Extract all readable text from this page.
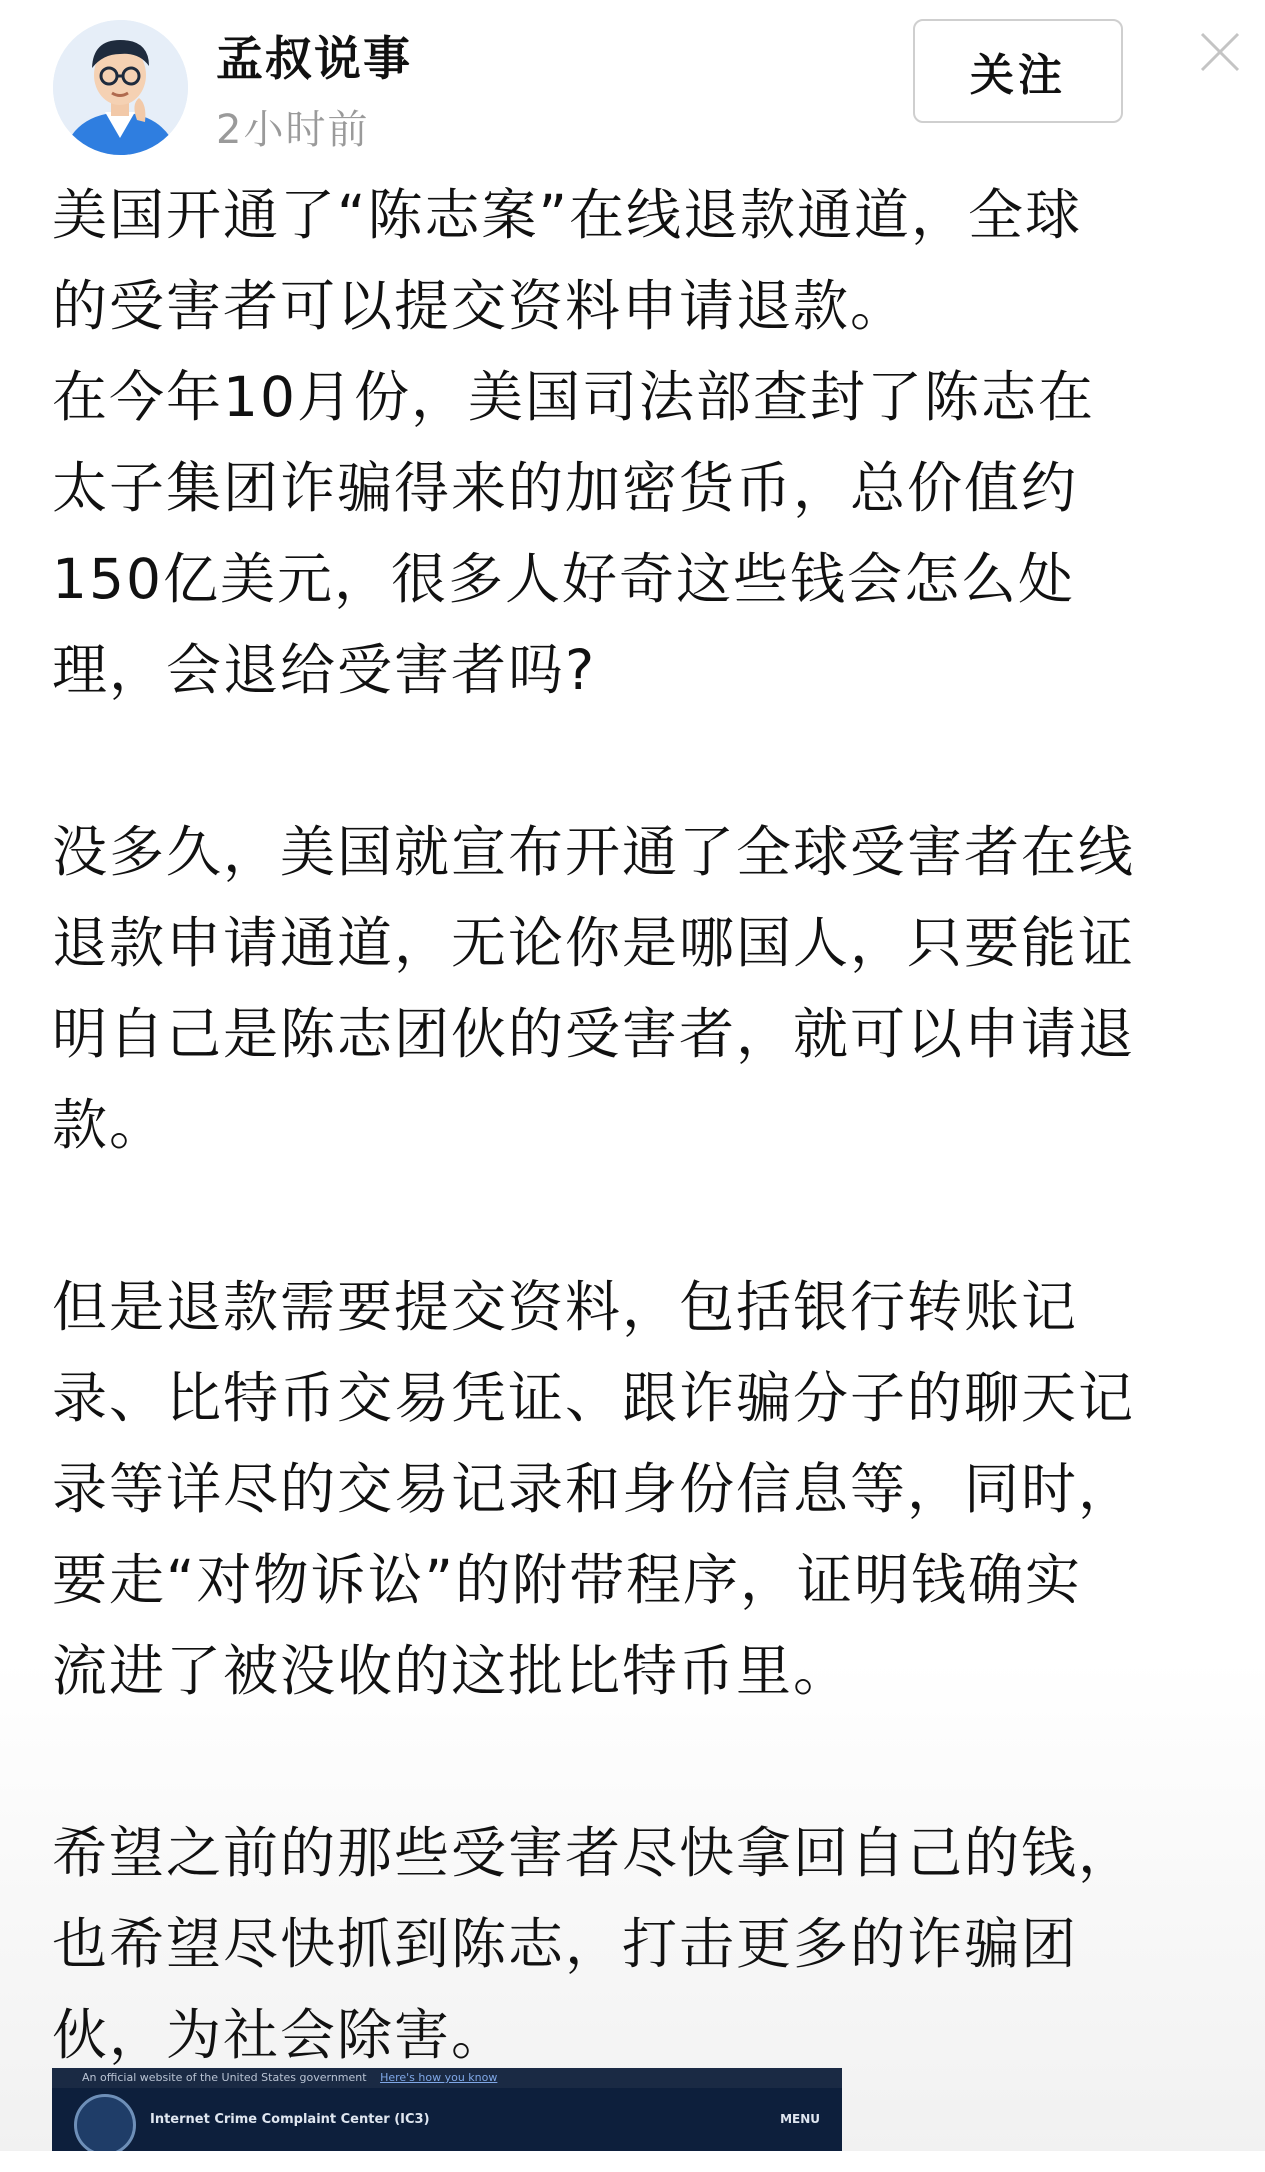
孟叔说事
2小时前
关注
美国开通了“陈志案”在线退款通道，全球
的受害者可以提交资料申请退款。
在今年10月份，美国司法部查封了陈志在
太子集团诈骗得来的加密货币，总价值约
150亿美元，很多人好奇这些钱会怎么处
理，会退给受害者吗?
没多久，美国就宣布开通了全球受害者在线
退款申请通道，无论你是哪国人，只要能证
明自己是陈志团伙的受害者，就可以申请退
款。
但是退款需要提交资料，包括银行转账记
录、比特币交易凭证、跟诈骗分子的聊天记
录等详尽的交易记录和身份信息等，同时，
要走“对物诉讼”的附带程序，证明钱确实
流进了被没收的这批比特币里。
希望之前的那些受害者尽快拿回自己的钱，
也希望尽快抓到陈志，打击更多的诈骗团
伙，为社会除害。
An official website of the United States government Here's how you know
Internet Crime Complaint Center (IC3)	MENU
